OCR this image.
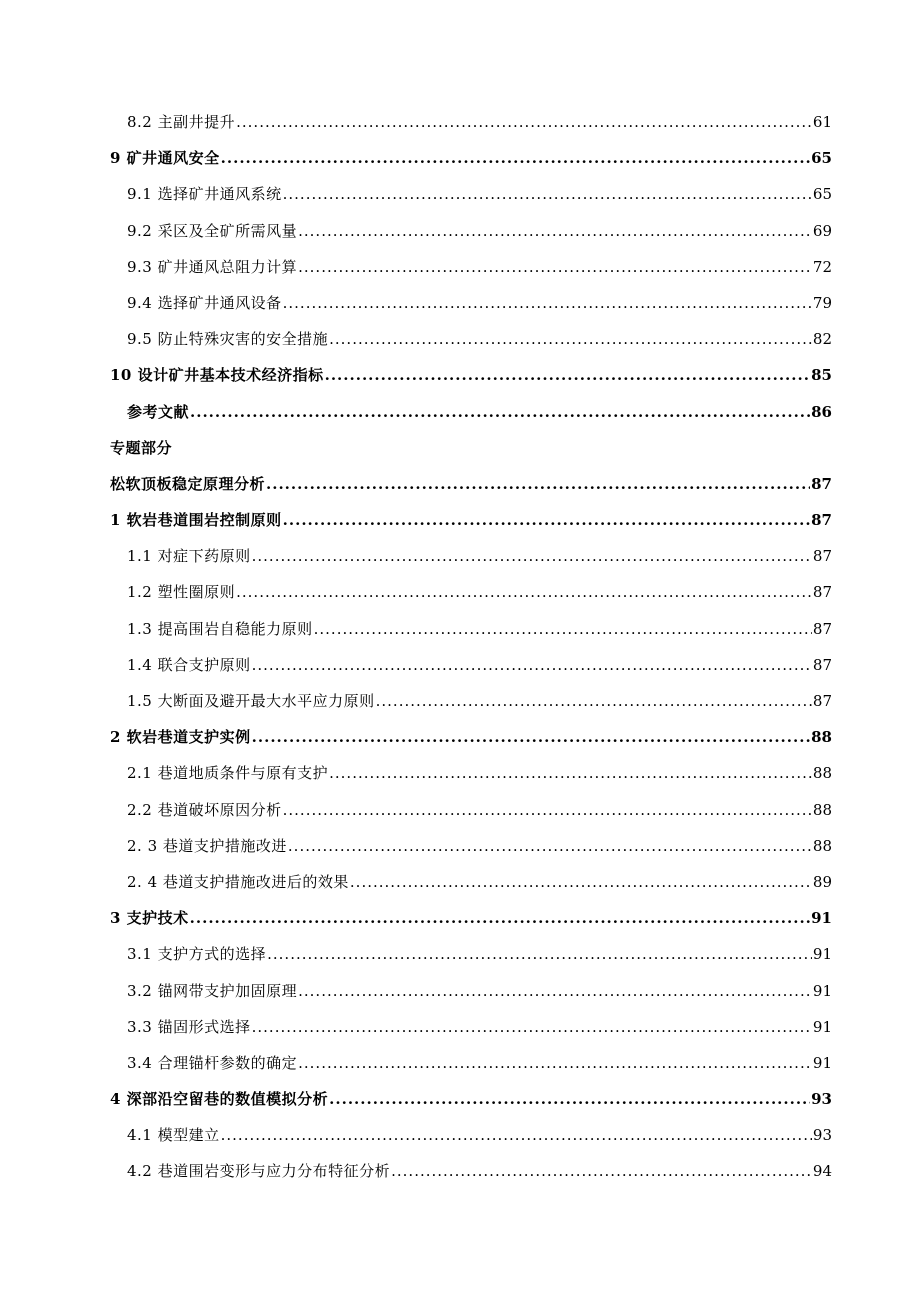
8.2 主副井提升 .....	61
9 矿井通风安全 .....	65
9.1 选择矿井通风系统 .....	65
9.2 采区及全矿所需风量 .....	69
9.3 矿井通风总阻力计算 .....	72
9.4 选择矿井通风设备 .....	79
9.5 防止特殊灾害的安全措施 .....	82
10 设计矿井基本技术经济指标 .....	85
参考文献 .....	86
专题部分
松软顶板稳定原理分析 .....	87
1 软岩巷道围岩控制原则 .....	87
1.1 对症下药原则 .....	87
1.2 塑性圈原则 .....	87
1.3 提高围岩自稳能力原则 .....	87
1.4 联合支护原则 .....	87
1.5 大断面及避开最大水平应力原则 .....	87
2 软岩巷道支护实例 .....	88
2.1 巷道地质条件与原有支护 .....	88
2.2 巷道破坏原因分析 .....	88
2. 3 巷道支护措施改进 .....	88
2. 4 巷道支护措施改进后的效果 .....	89
3 支护技术 .....	91
3.1 支护方式的选择 .....	91
3.2 锚网带支护加固原理 .....	91
3.3 锚固形式选择 .....	91
3.4 合理锚杆参数的确定 .....	91
4 深部沿空留巷的数值模拟分析 .....	93
4.1 模型建立 .....	93
4.2 巷道围岩变形与应力分布特征分析 .....	94
